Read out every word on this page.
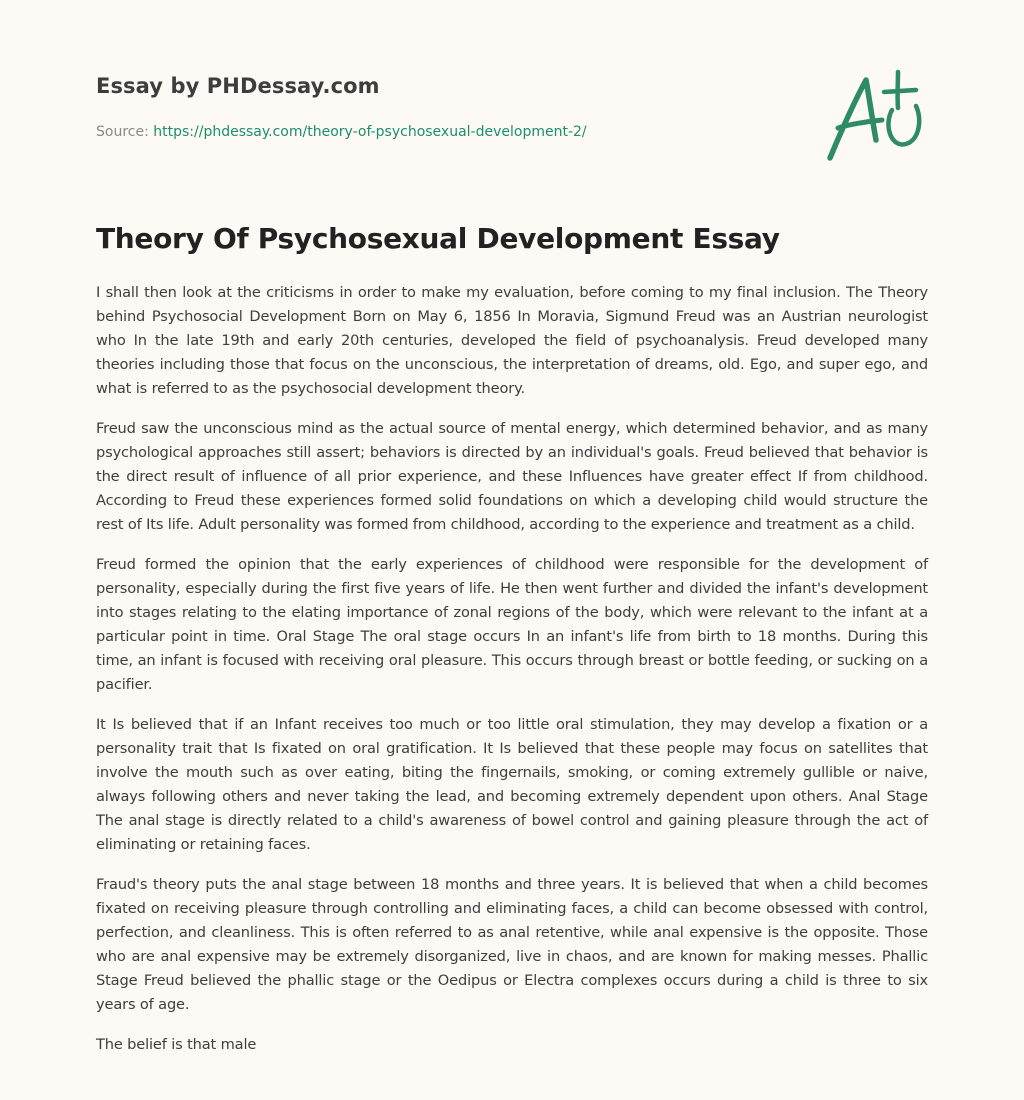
Essay by PHDessay.com
Source: https://phdessay.com/theory-of-psychosexual-development-2/
Theory Of Psychosexual Development Essay

I shall then look at the criticisms in order to make my evaluation, before coming to my final inclusion. The Theory behind Psychosocial Development Born on May 6, 1856 In Moravia, Sigmund Freud was an Austrian neurologist who In the late 19th and early 20th centuries, developed the field of psychoanalysis. Freud developed many theories including those that focus on the unconscious, the interpretation of dreams, old. Ego, and super ego, and what is referred to as the psychosocial development theory.

Freud saw the unconscious mind as the actual source of mental energy, which determined behavior, and as many psychological approaches still assert; behaviors is directed by an individual's goals. Freud believed that behavior is the direct result of influence of all prior experience, and these Influences have greater effect If from childhood. According to Freud these experiences formed solid foundations on which a developing child would structure the rest of Its life. Adult personality was formed from childhood, according to the experience and treatment as a child.

Freud formed the opinion that the early experiences of childhood were responsible for the development of personality, especially during the first five years of life. He then went further and divided the infant's development into stages relating to the elating importance of zonal regions of the body, which were relevant to the infant at a particular point in time. Oral Stage The oral stage occurs In an infant's life from birth to 18 months. During this time, an infant is focused with receiving oral pleasure. This occurs through breast or bottle feeding, or sucking on a pacifier.

It Is believed that if an Infant receives too much or too little oral stimulation, they may develop a fixation or a personality trait that Is fixated on oral gratification. It Is believed that these people may focus on satellites that involve the mouth such as over eating, biting the fingernails, smoking, or coming extremely gullible or naive, always following others and never taking the lead, and becoming extremely dependent upon others. Anal Stage The anal stage is directly related to a child's awareness of bowel control and gaining pleasure through the act of eliminating or retaining faces.

Fraud's theory puts the anal stage between 18 months and three years. It is believed that when a child becomes fixated on receiving pleasure through controlling and eliminating faces, a child can become obsessed with control, perfection, and cleanliness. This is often referred to as anal retentive, while anal expensive is the opposite. Those who are anal expensive may be extremely disorganized, live in chaos, and are known for making messes. Phallic Stage Freud believed the phallic stage or the Oedipus or Electra complexes occurs during a child is three to six years of age.

The belief is that male
